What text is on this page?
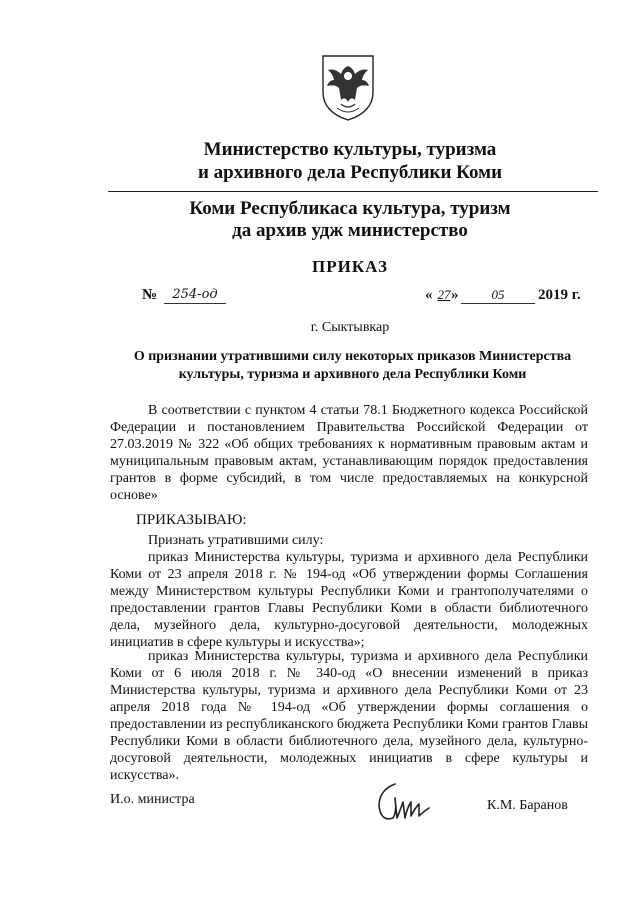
Министерство культуры, туризма
и архивного дела Республики Коми
Коми Республикаса культура, туризм
да архив удж министерство
ПРИКАЗ
№	254-од	« 27 »	05	2019 г.
г. Сыктывкар
О признании утратившими силу некоторых приказов Министерства культуры, туризма и архивного дела Республики Коми
В соответствии с пунктом 4 статьи 78.1 Бюджетного кодекса Российской Федерации и постановлением Правительства Российской Федерации от 27.03.2019 № 322 «Об общих требованиях к нормативным правовым актам и муниципальным правовым актам, устанавливающим порядок предоставления грантов в форме субсидий, в том числе предоставляемых на конкурсной основе»
ПРИКАЗЫВАЮ:
Признать утратившими силу:
приказ Министерства культуры, туризма и архивного дела Республики Коми от 23 апреля 2018 г. № 194-од «Об утверждении формы Соглашения между Министерством культуры Республики Коми и грантополучателями о предоставлении грантов Главы Республики Коми в области библиотечного дела, музейного дела, культурно-досуговой деятельности, молодежных инициатив в сфере культуры и искусства»;
приказ Министерства культуры, туризма и архивного дела Республики Коми от 6 июля 2018 г. № 340-од «О внесении изменений в приказ Министерства культуры, туризма и архивного дела Республики Коми от 23 апреля 2018 года № 194-од «Об утверждении формы соглашения о предоставлении из республиканского бюджета Республики Коми грантов Главы Республики Коми в области библиотечного дела, музейного дела, культурно-досуговой деятельности, молодежных инициатив в сфере культуры и искусства».
И.о. министра	К.М. Баранов
